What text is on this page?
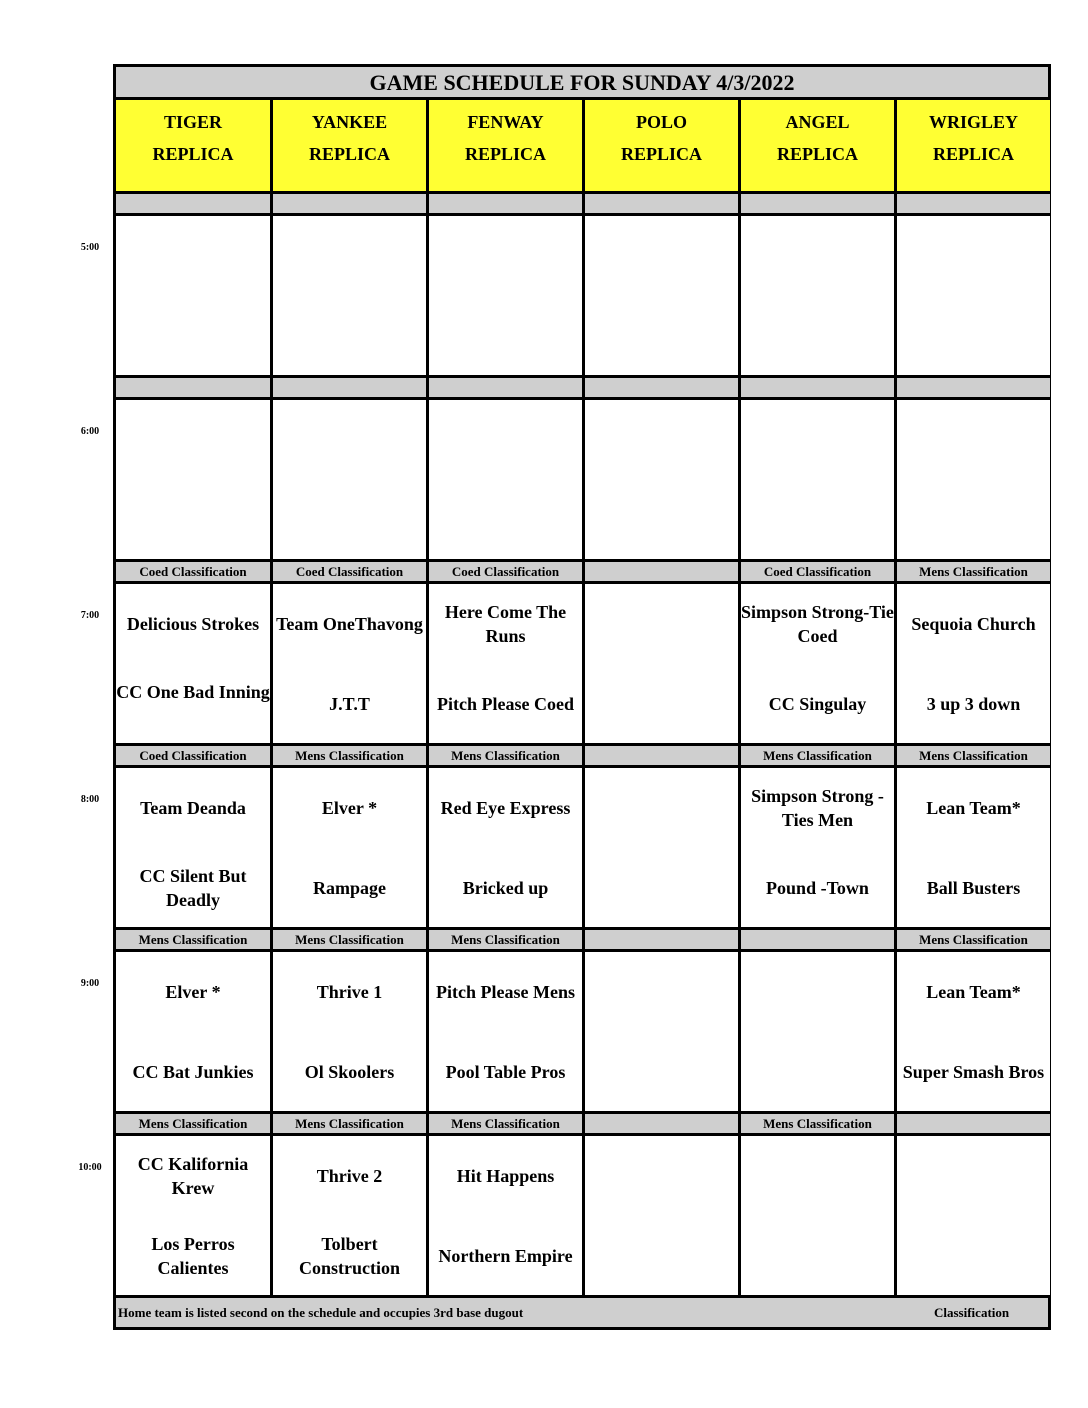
GAME SCHEDULE FOR SUNDAY 4/3/2022
TIGER
REPLICA
YANKEE
REPLICA
FENWAY
REPLICA
POLO
REPLICA
ANGEL
REPLICA
WRIGLEY
REPLICA
Coed Classification
Delicious Strokes
CC One Bad Inning
Coed Classification
Team OneThavong
J.T.T
Coed Classification
Here Come The Runs
Pitch Please Coed
Coed Classification
Simpson Strong-Tie Coed
CC Singulay
Mens Classification
Sequoia Church
3 up 3 down
Coed Classification
Team Deanda
CC Silent But Deadly
Mens Classification
Elver *
Rampage
Mens Classification
Red Eye Express
Bricked up
Mens Classification
Simpson Strong - Ties Men
Pound -Town
Mens Classification
Lean Team*
Ball Busters
Mens Classification
Elver *
CC Bat Junkies
Mens Classification
Thrive 1
Ol Skoolers
Mens Classification
Pitch Please Mens
Pool Table Pros
Mens Classification
Lean Team*
Super Smash Bros
Mens Classification
CC Kalifornia Krew
Los Perros Calientes
Mens Classification
Thrive 2
Tolbert Construction
Mens Classification
Hit Happens
Northern Empire
Mens Classification
Home team is listed second on the schedule and occupies 3rd base dugout	Classification
5:00
6:00
7:00
8:00
9:00
10:00
